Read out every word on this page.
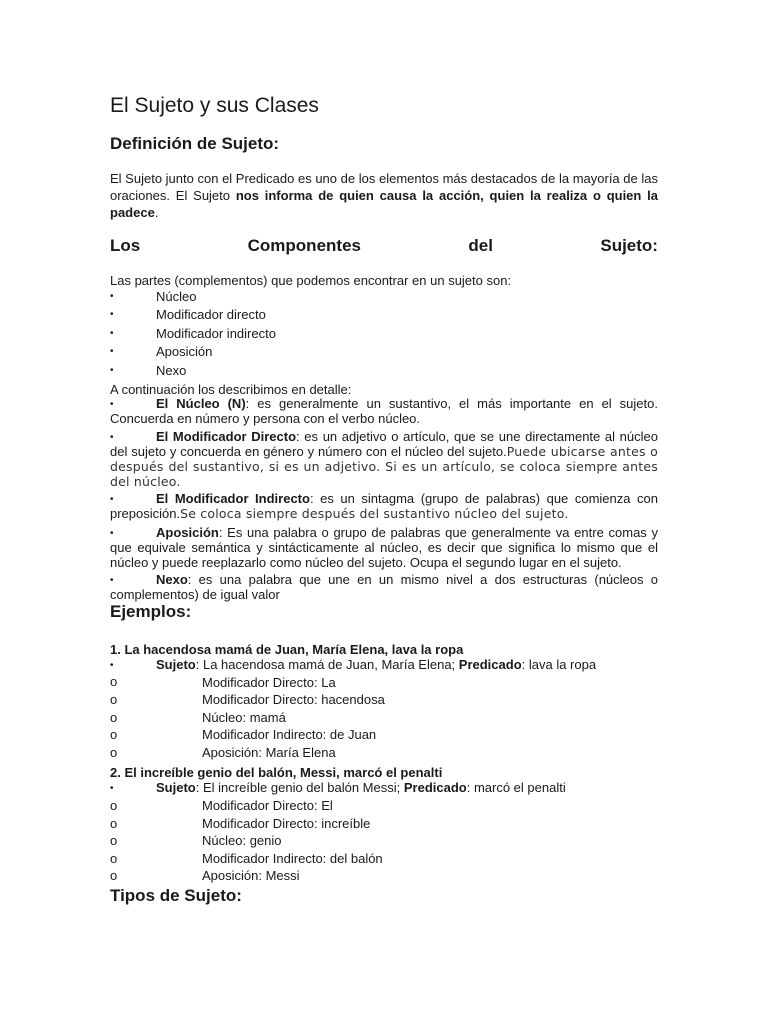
El Sujeto y sus Clases
Definición de Sujeto:
El Sujeto junto con el Predicado es uno de los elementos más destacados de la mayoría de las oraciones. El Sujeto nos informa de quien causa la acción, quien la realiza o quien la padece.
Los	Componentes	del	Sujeto:
Las partes (complementos) que podemos encontrar en un sujeto son:
•	Núcleo
•	Modificador directo
•	Modificador indirecto
•	Aposición
•	Nexo
A continuación los describimos en detalle:
•	El Núcleo (N): es generalmente un sustantivo, el más importante en el sujeto. Concuerda en número y persona con el verbo núcleo.
•	El Modificador Directo: es un adjetivo o artículo, que se une directamente al núcleo del sujeto y concuerda en género y número con el núcleo del sujeto.Puede ubicarse antes o después del sustantivo, si es un adjetivo. Si es un artículo, se coloca siempre antes del núcleo.
•	El Modificador Indirecto: es un sintagma (grupo de palabras) que comienza con preposición.Se coloca siempre después del sustantivo núcleo del sujeto.
•	Aposición: Es una palabra o grupo de palabras que generalmente va entre comas y que equivale semántica y sintácticamente al núcleo, es decir que significa lo mismo que el núcleo y puede reeplazarlo como núcleo del sujeto. Ocupa el segundo lugar en el sujeto.
•	Nexo: es una palabra que une en un mismo nivel a dos estructuras (núcleos o complementos) de igual valor
Ejemplos:
1. La hacendosa mamá de Juan, María Elena, lava la ropa
•	Sujeto: La hacendosa mamá de Juan, María Elena; Predicado: lava la ropa
o	Modificador Directo: La
o	Modificador Directo: hacendosa
o	Núcleo: mamá
o	Modificador Indirecto: de Juan
o	Aposición: María Elena
2. El increíble genio del balón, Messi, marcó el penalti
•	Sujeto: El increíble genio del balón Messi; Predicado: marcó el penalti
o	Modificador Directo: El
o	Modificador Directo: increíble
o	Núcleo: genio
o	Modificador Indirecto: del balón
o	Aposición: Messi
Tipos de Sujeto:
